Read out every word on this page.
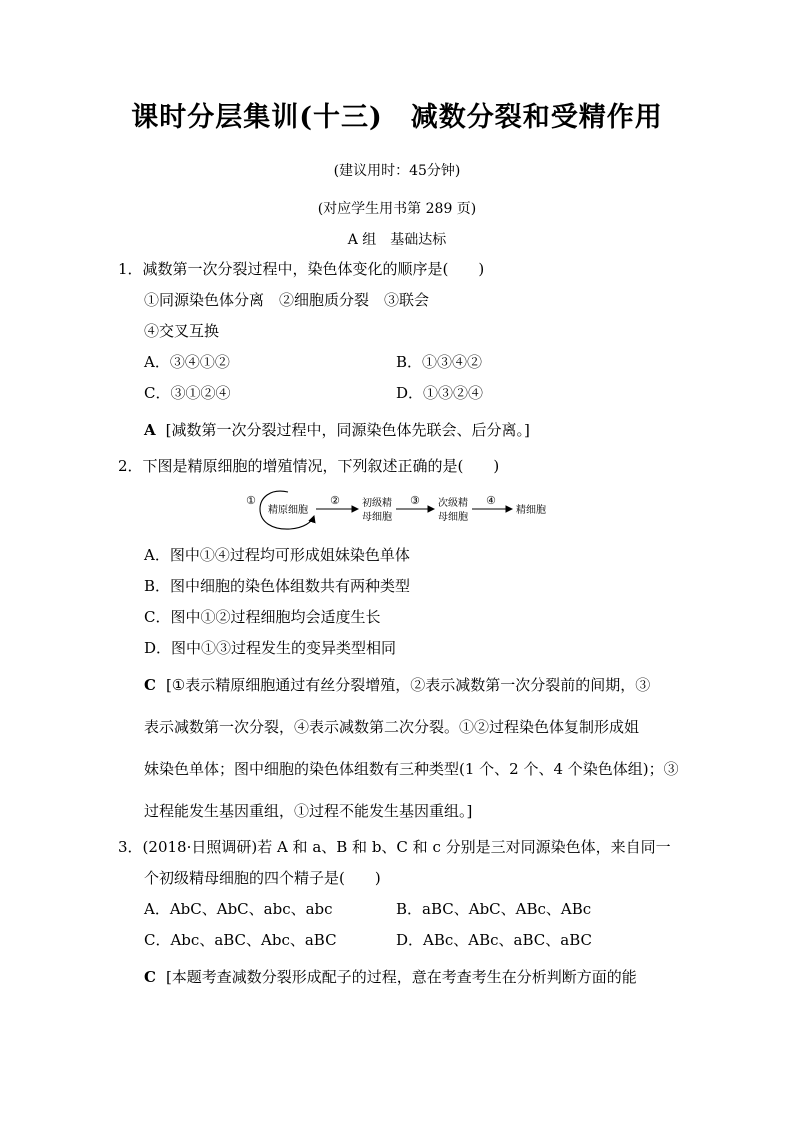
课时分层集训(十三)　减数分裂和受精作用
(建议用时：45分钟)
(对应学生用书第 289 页)
A 组　基础达标
1．减数第一次分裂过程中，染色体变化的顺序是(　　)
①同源染色体分离　②细胞质分裂　③联会
④交叉互换
A．③④①②	B．①③④②
C．③①②④	D．①③②④
A [减数第一次分裂过程中，同源染色体先联会、后分离。]
2．下图是精原细胞的增殖情况，下列叙述正确的是(　　)
①
精原细胞
② 初级精
母细胞
③ 次级精
母细胞
④
精细胞
A．图中①④过程均可形成姐妹染色单体
B．图中细胞的染色体组数共有两种类型
C．图中①②过程细胞均会适度生长
D．图中①③过程发生的变异类型相同
C [①表示精原细胞通过有丝分裂增殖，②表示减数第一次分裂前的间期，③
表示减数第一次分裂，④表示减数第二次分裂。①②过程染色体复制形成姐
妹染色单体；图中细胞的染色体组数有三种类型(1 个、2 个、4 个染色体组)；③
过程能发生基因重组，①过程不能发生基因重组。]
3．(2018·日照调研)若 A 和 a、B 和 b、C 和 c 分别是三对同源染色体，来自同一
个初级精母细胞的四个精子是(　　)
A．AbC、AbC、abc、abc	B．aBC、AbC、ABc、ABc
C．Abc、aBC、Abc、aBC	D．ABc、ABc、aBC、aBC
C [本题考查减数分裂形成配子的过程，意在考查考生在分析判断方面的能
